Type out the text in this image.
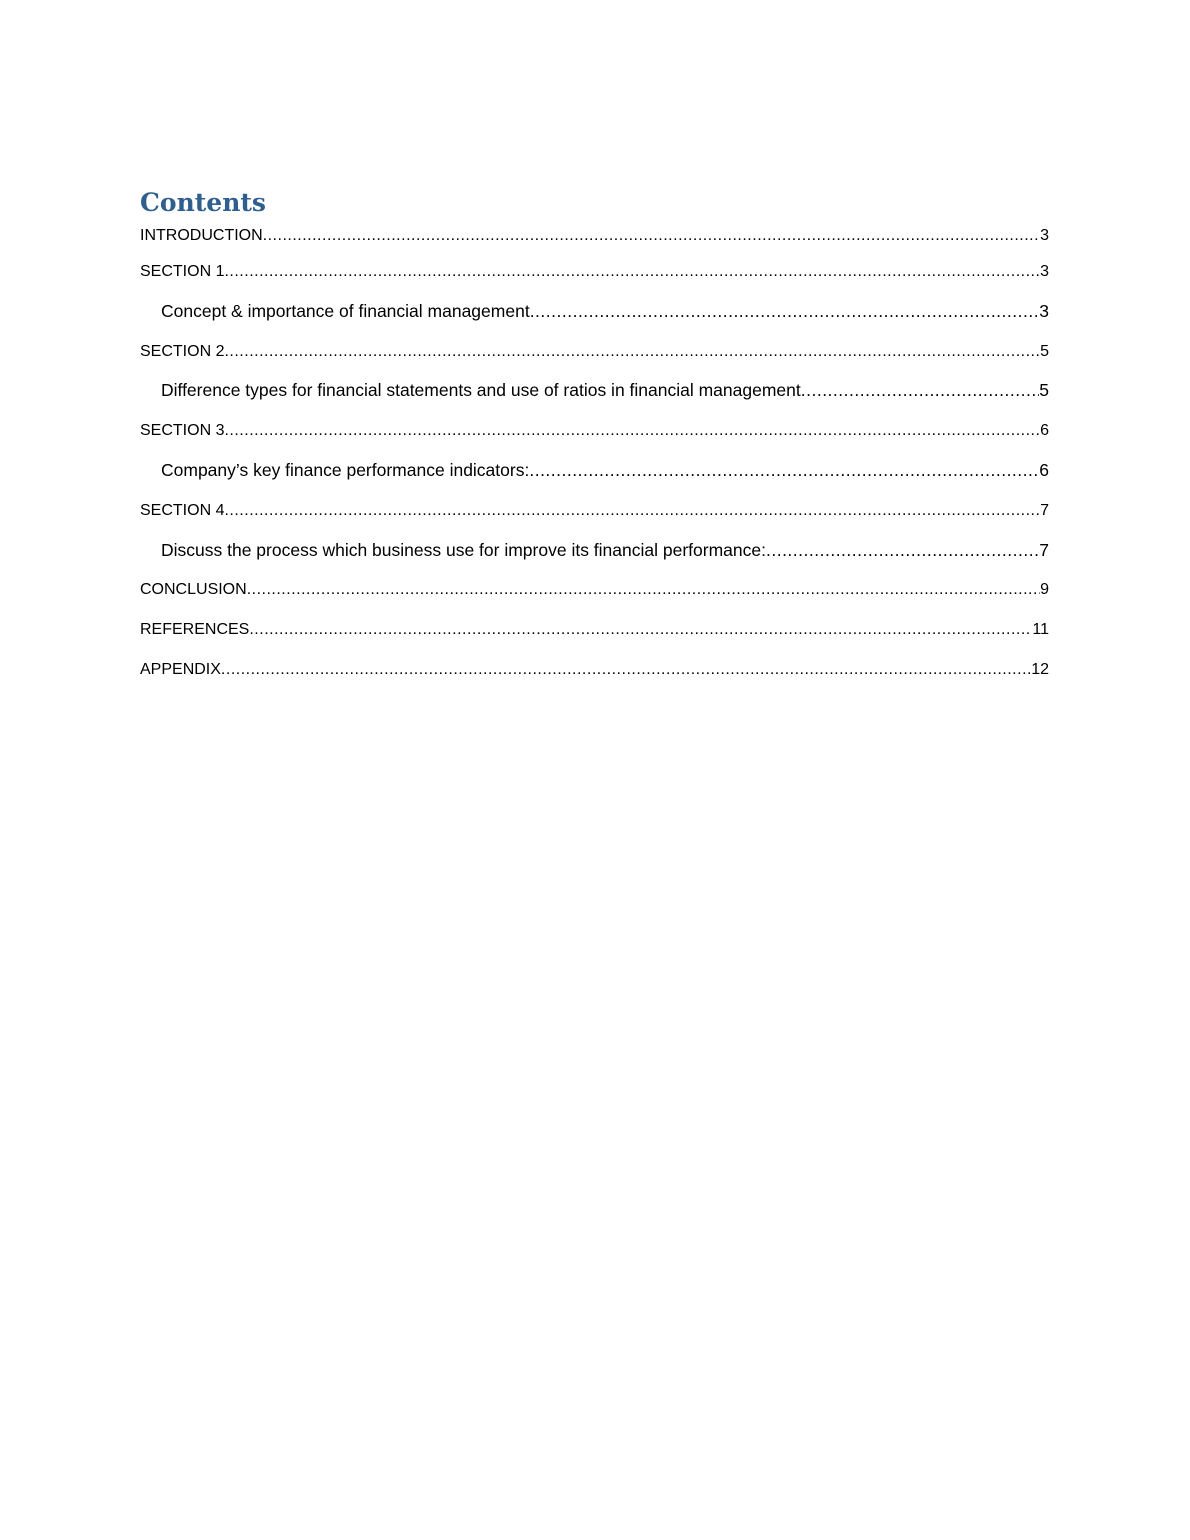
Contents
INTRODUCTION .....	3
SECTION 1 .....	3
Concept & importance of financial management .....	3
SECTION 2 .....	5
Difference types for financial statements and use of ratios in financial management .....	5
SECTION 3 .....	6
Company’s key finance performance indicators: .....	6
SECTION 4 .....	7
Discuss the process which business use for improve its financial performance: .....	7
CONCLUSION .....	9
REFERENCES .....	11
APPENDIX .....	12
